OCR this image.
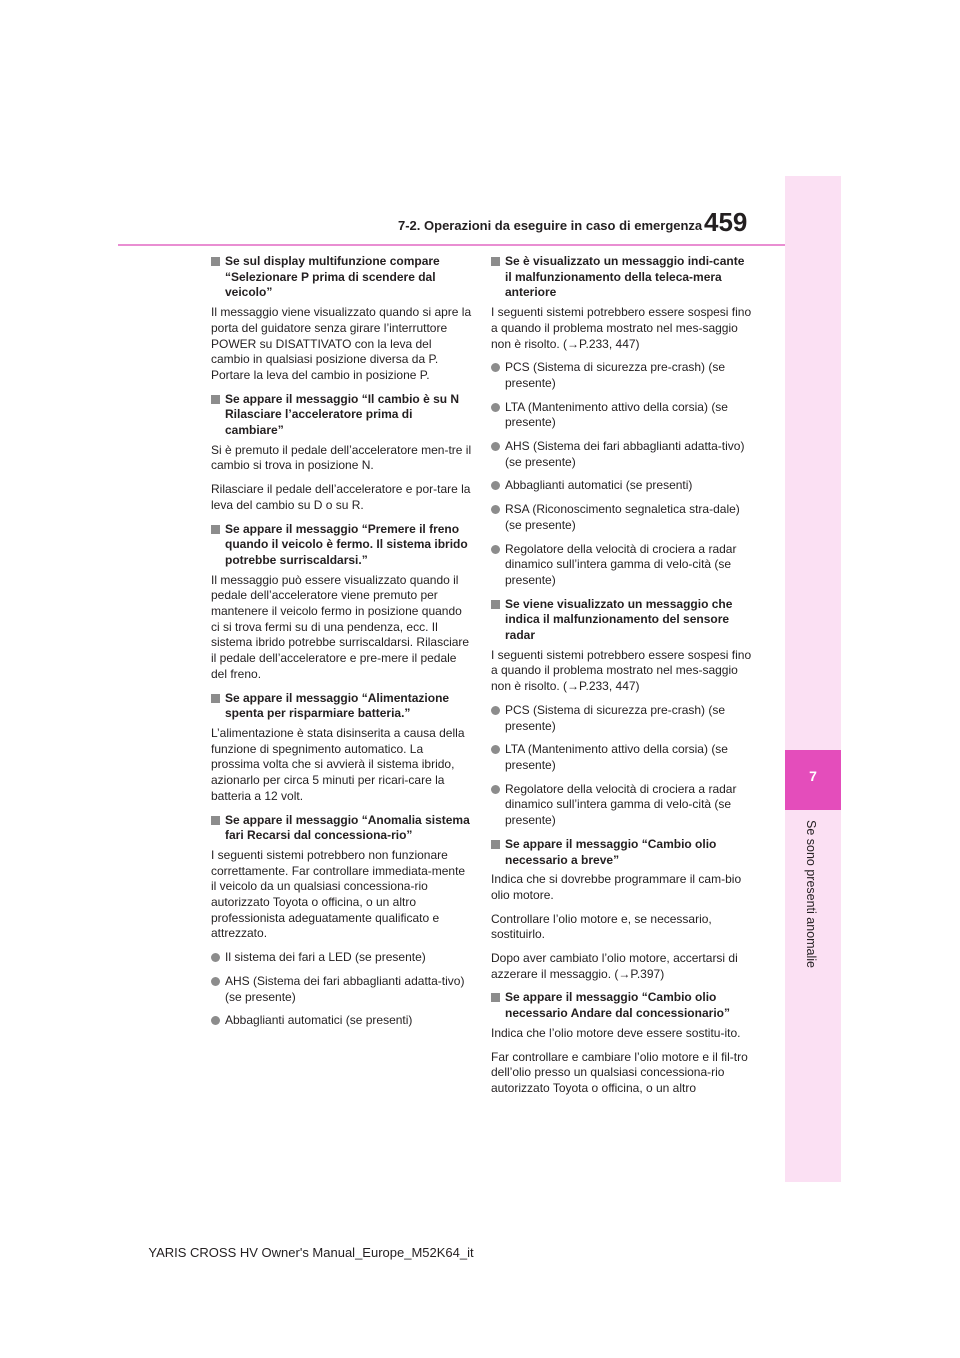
7
Se sono presenti anomalie
7-2. Operazioni da eseguire in caso di emergenza 459
Se sul display multifunzione compare “Selezionare P prima di scendere dal veicolo”

Il messaggio viene visualizzato quando si apre la porta del guidatore senza girare l’interruttore POWER su DISATTIVATO con la leva del cambio in qualsiasi posizione diversa da P. Portare la leva del cambio in posizione P.

Se appare il messaggio “Il cambio è su N Rilasciare l’acceleratore prima di cambiare”

Si è premuto il pedale dell’acceleratore men-tre il cambio si trova in posizione N.

Rilasciare il pedale dell’acceleratore e por-tare la leva del cambio su D o su R.

Se appare il messaggio “Premere il freno quando il veicolo è fermo. Il sistema ibrido potrebbe surriscaldarsi.”

Il messaggio può essere visualizzato quando il pedale dell’acceleratore viene premuto per mantenere il veicolo fermo in posizione quando ci si trova fermi su di una pendenza, ecc. Il sistema ibrido potrebbe surriscaldarsi. Rilasciare il pedale dell’acceleratore e pre-mere il pedale del freno.

Se appare il messaggio “Alimentazione spenta per risparmiare batteria.”

L’alimentazione è stata disinserita a causa della funzione di spegnimento automatico. La prossima volta che si avvierà il sistema ibrido, azionarlo per circa 5 minuti per ricari-care la batteria a 12 volt.

Se appare il messaggio “Anomalia sistema fari Recarsi dal concessiona-rio”

I seguenti sistemi potrebbero non funzionare correttamente. Far controllare immediata-mente il veicolo da un qualsiasi concessiona-rio autorizzato Toyota o officina, o un altro professionista adeguatamente qualificato e attrezzato.

Il sistema dei fari a LED (se presente)
AHS (Sistema dei fari abbaglianti adatta-tivo) (se presente)
Abbaglianti automatici (se presenti)
Se è visualizzato un messaggio indi-cante il malfunzionamento della teleca-mera anteriore

I seguenti sistemi potrebbero essere sospesi fino a quando il problema mostrato nel mes-saggio non è risolto. (→P.233, 447)

PCS (Sistema di sicurezza pre-crash) (se presente)
LTA (Mantenimento attivo della corsia) (se presente)
AHS (Sistema dei fari abbaglianti adatta-tivo) (se presente)
Abbaglianti automatici (se presenti)
RSA (Riconoscimento segnaletica stra-dale) (se presente)
Regolatore della velocità di crociera a radar dinamico sull’intera gamma di velo-cità (se presente)
Se viene visualizzato un messaggio che indica il malfunzionamento del sensore radar

I seguenti sistemi potrebbero essere sospesi fino a quando il problema mostrato nel mes-saggio non è risolto. (→P.233, 447)

PCS (Sistema di sicurezza pre-crash) (se presente)
LTA (Mantenimento attivo della corsia) (se presente)
Regolatore della velocità di crociera a radar dinamico sull’intera gamma di velo-cità (se presente)
Se appare il messaggio “Cambio olio necessario a breve”

Indica che si dovrebbe programmare il cam-bio olio motore.

Controllare l’olio motore e, se necessario, sostituirlo.

Dopo aver cambiato l’olio motore, accertarsi di azzerare il messaggio. (→P.397)

Se appare il messaggio “Cambio olio necessario Andare dal concessionario”

Indica che l’olio motore deve essere sostitu-ito.

Far controllare e cambiare l’olio motore e il fil-tro dell’olio presso un qualsiasi concessiona-rio autorizzato Toyota o officina, o un altro

YARIS CROSS HV Owner's Manual_Europe_M52K64_it
